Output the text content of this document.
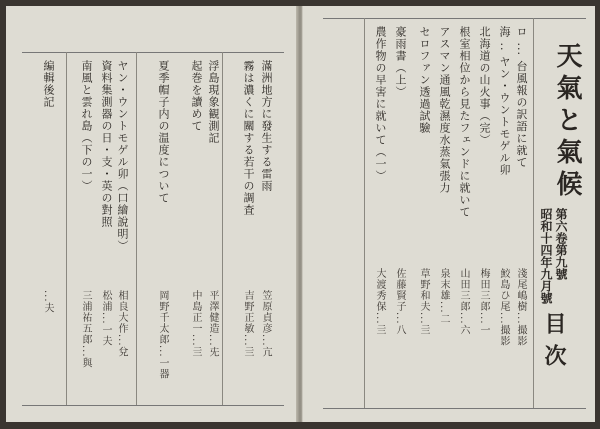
天氣と氣候
第六卷第九號
昭和十四年九月號
目次
ロ ... 台風報の訳語に就て
淺尾嶋樹...撮影
海 .. ヤン・ウントモゲル卯
鮫島ひ尾...撮影
北海道の山火事（完）
梅田三郎...一
根室相位から見たフェンドに就いて
山田三郎...六
アスマン通風乾濕度水蒸氣張力
泉末雄...二
セロファン透過試驗
草野和夫...亖
豪雨書（上）
佐藤賢子...八
農作物の早害に就いて（一）
大渡秀保...亖
滿洲地方に發生する雷雨
笠原貞彦...亢
霧は濃くに關する若干の調査
吉野正敏...亖
浮島現象観測記
平澤健造...兂
起巻を讀めて
中島正一...亖
夏季帽子内の温度について
岡野千太郎...一器
ヤン・ウントモゲル卯（口繪說明）
相良大作...兌
資料集測器の日・支・英の對照
松浦...一夫
南風と雲れ島（下の一）
三浦祐五郎...與
編輯後記
...夫
